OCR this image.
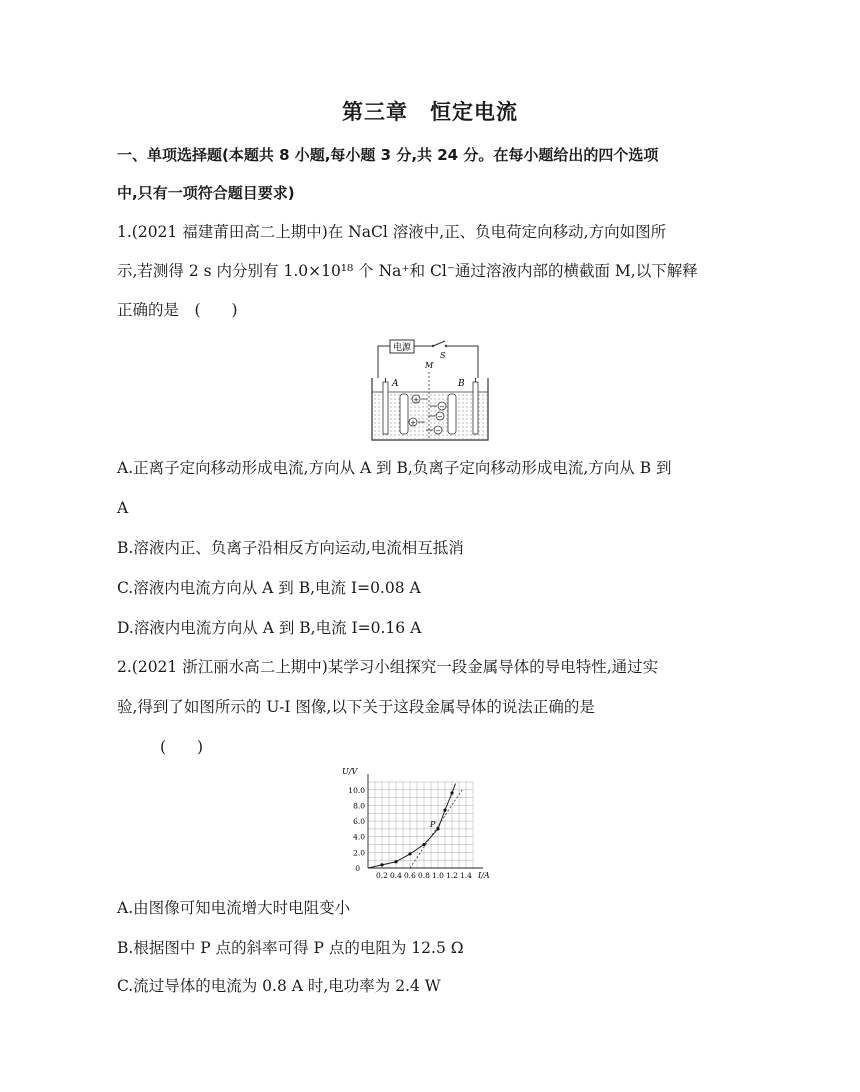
第三章　恒定电流
一、单项选择题(本题共 8 小题,每小题 3 分,共 24 分。在每小题给出的四个选项
中,只有一项符合题目要求)
1.(2021 福建莆田高二上期中)在 NaCl 溶液中,正、负电荷定向移动,方向如图所
示,若测得 2 s 内分别有 1.0×10¹⁸ 个 Na⁺和 Cl⁻通过溶液内部的横截面 M,以下解释
正确的是　(　　)
电源
S
A	B
M
+
+
−
−
−
A.正离子定向移动形成电流,方向从 A 到 B,负离子定向移动形成电流,方向从 B 到
A
B.溶液内正、负离子沿相反方向运动,电流相互抵消
C.溶液内电流方向从 A 到 B,电流 I=0.08 A
D.溶液内电流方向从 A 到 B,电流 I=0.16 A
2.(2021 浙江丽水高二上期中)某学习小组探究一段金属导体的导电特性,通过实
验,得到了如图所示的 U-I 图像,以下关于这段金属导体的说法正确的是
(　　)
U/V
I/A
0.2 0.4 0.6 0.8 1.0 1.2 1.4
2.0
4.0
6.0
8.0
10.0
0
P
A.由图像可知电流增大时电阻变小
B.根据图中 P 点的斜率可得 P 点的电阻为 12.5 Ω
C.流过导体的电流为 0.8 A 时,电功率为 2.4 W
